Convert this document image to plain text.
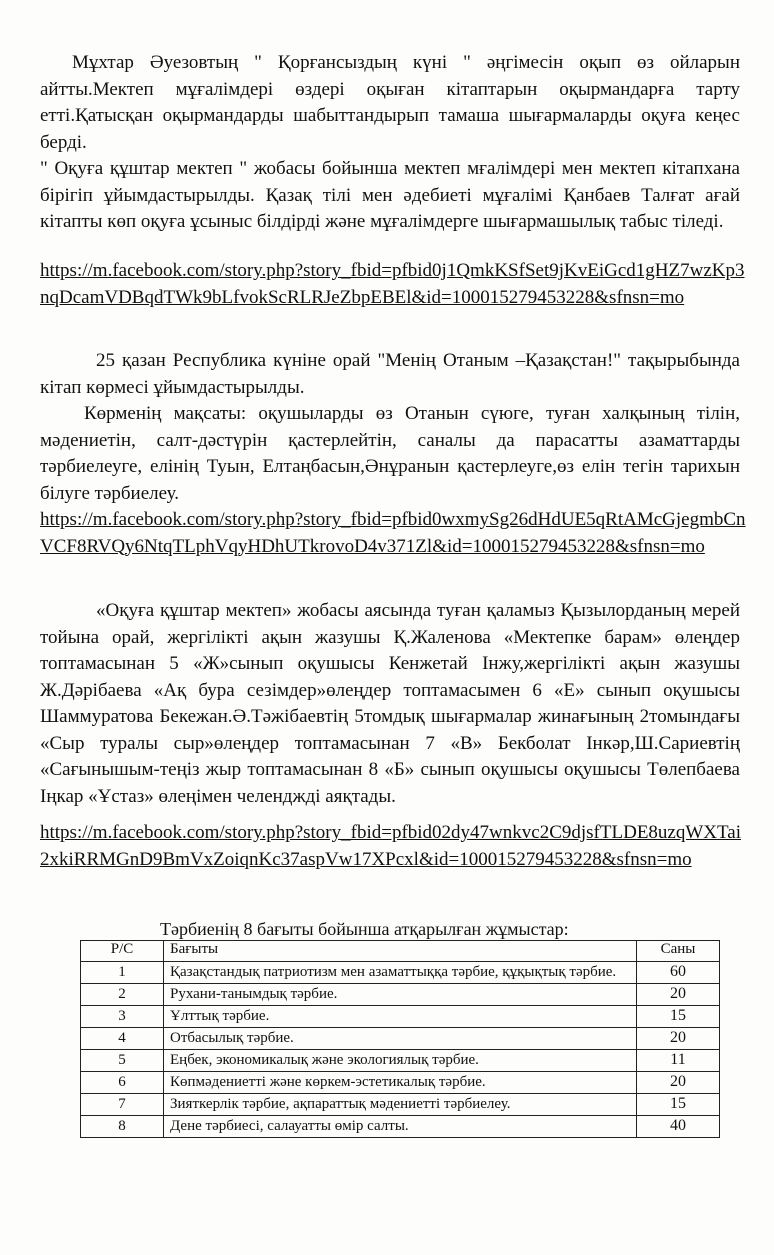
Мұхтар Әуезовтың " Қорғансыздың күні " әңгімесін оқып өз ойларын айтты.Мектеп мұғалімдері өздері оқыған кітаптарын оқырмандарға тарту етті.Қатысқан оқырмандарды шабыттандырып тамаша шығармаларды оқуға кеңес берді.

" Оқуға құштар мектеп " жобасы бойынша мектеп мғалімдері мен мектеп кітапхана бірігіп ұйымдастырылды. Қазақ тілі мен әдебиеті мұғалімі Қанбаев Талғат ағай кітапты көп оқуға ұсыныс білдірді және мұғалімдерге шығармашылық табыс тіледі.

https://m.facebook.com/story.php?story_fbid=pfbid0j1QmkKSfSet9jKvEiGcd1gHZ7wzKp3nqDcamVDBqdTWk9bLfvokScRLRJeZbpEBEl&id=100015279453228&sfnsn=mo

25 қазан Республика күніне орай "Менің Отаным –Қазақстан!" тақырыбында кітап көрмесі ұйымдастырылды.

Көрменің мақсаты: оқушыларды өз Отанын сүюге, туған халқының тілін, мәдениетін, салт-дәстүрін қастерлейтін, саналы да парасатты азаматтарды тәрбиелеуге, елінің Туын, Елтаңбасын,Әнұранын қастерлеуге,өз елін тегін тарихын білуге тәрбиелеу.

https://m.facebook.com/story.php?story_fbid=pfbid0wxmySg26dHdUE5qRtAMcGjegmbCnVCF8RVQy6NtqTLphVqyHDhUTkrovoD4v371Zl&id=100015279453228&sfnsn=mo

«Оқуға құштар мектеп» жобасы аясында туған қаламыз Қызылорданың мерей тойына орай, жергілікті ақын жазушы Қ.Жаленова «Мектепке барам» өлеңдер топтамасынан 5 «Ж»сынып оқушысы Кенжетай Інжу,жергілікті ақын жазушы Ж.Дәрібаева «Ақ бура сезімдер»өлеңдер топтамасымен 6 «Е» сынып оқушысы Шаммуратова Бекежан.Ә.Тәжібаевтің 5томдық шығармалар жинағының 2томындағы «Сыр туралы сыр»өлеңдер топтамасынан 7 «В» Бекболат Інкәр,Ш.Сариевтің «Сағынышым-теңіз жыр топтамасынан 8 «Б» сынып оқушысы оқушысы Төлепбаева Іңкар «Ұстаз» өлеңімен челенджді аяқтады.

https://m.facebook.com/story.php?story_fbid=pfbid02dy47wnkvc2C9djsfTLDE8uzqWXTai2xkiRRMGnD9BmVxZoiqnKc37aspVw17XPcxl&id=100015279453228&sfnsn=mo

Тәрбиенің 8 бағыты бойынша атқарылған жұмыстар:

Р/С	Бағыты	Саны
1	Қазақстандық патриотизм мен азаматтыққа тәрбие, құқықтық тәрбие.	60
2	Рухани-танымдық тәрбие.	20
3	Ұлттық тәрбие.	15
4	Отбасылық тәрбие.	20
5	Еңбек, экономикалық және экологиялық тәрбие.	11
6	Көпмәдениетті және көркем-эстетикалық тәрбие.	20
7	Зияткерлік тәрбие, ақпараттық мәдениетті тәрбиелеу.	15
8	Дене тәрбиесі, салауатты өмір салты.	40
